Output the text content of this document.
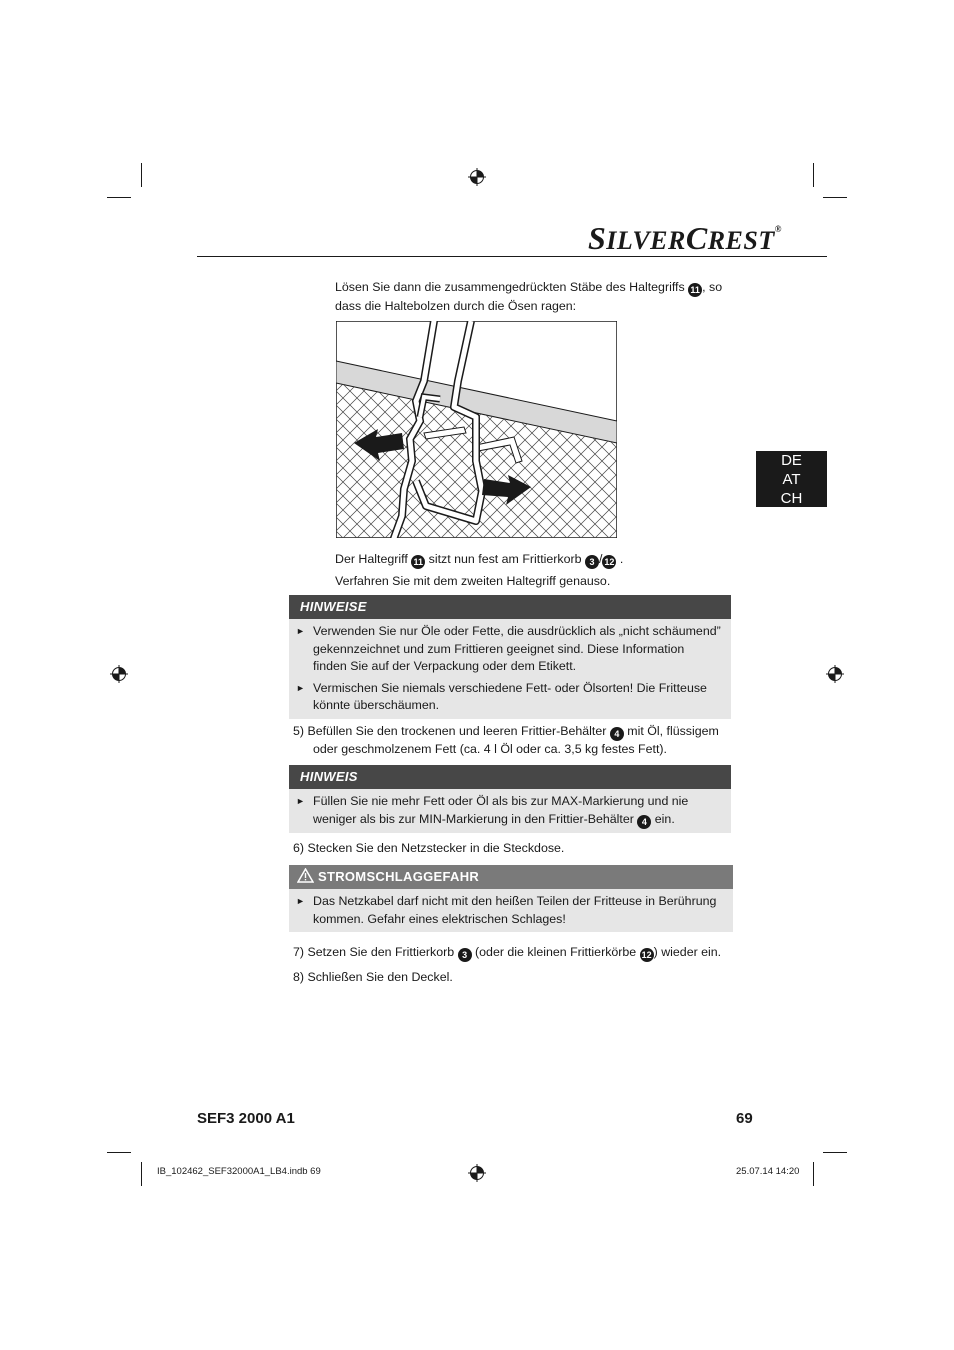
SILVERCREST®
DE
AT
CH

Lösen Sie dann die zusammengedrückten Stäbe des Haltegriffs 11 , so
dass die Haltebolzen durch die Ösen ragen:

Der Haltegriff 11 sitzt nun fest am Frittierkorb 3 / 12 .

Verfahren Sie mit dem zweiten Haltegriff genauso.

HINWEISE
► Verwenden Sie nur Öle oder Fette, die ausdrücklich als „nicht schäumend” gekennzeichnet und zum Frittieren geeignet sind. Diese Information finden Sie auf der Verpackung oder dem Etikett.
► Vermischen Sie niemals verschiedene Fett- oder Ölsorten! Die Fritteuse könnte überschäumen.

5) Befüllen Sie den trockenen und leeren Frittier-Behälter 4 mit Öl, flüssigem
oder geschmolzenem Fett (ca. 4 l Öl oder ca. 3,5 kg festes Fett).

HINWEIS
► Füllen Sie nie mehr Fett oder Öl als bis zur MAX-Markierung und nie
weniger als bis zur MIN-Markierung in den Frittier-Behälter 4 ein.

6) Stecken Sie den Netzstecker in die Steckdose.

STROMSCHLAGGEFAHR
► Das Netzkabel darf nicht mit den heißen Teilen der Fritteuse in Berührung kommen. Gefahr eines elektrischen Schlages!

7) Setzen Sie den Frittierkorb 3 (oder die kleinen Frittierkörbe 12 ) wieder ein.

8) Schließen Sie den Deckel.

SEF3 2000 A1	69
IB_102462_SEF32000A1_LB4.indb 69	25.07.14 14:20
